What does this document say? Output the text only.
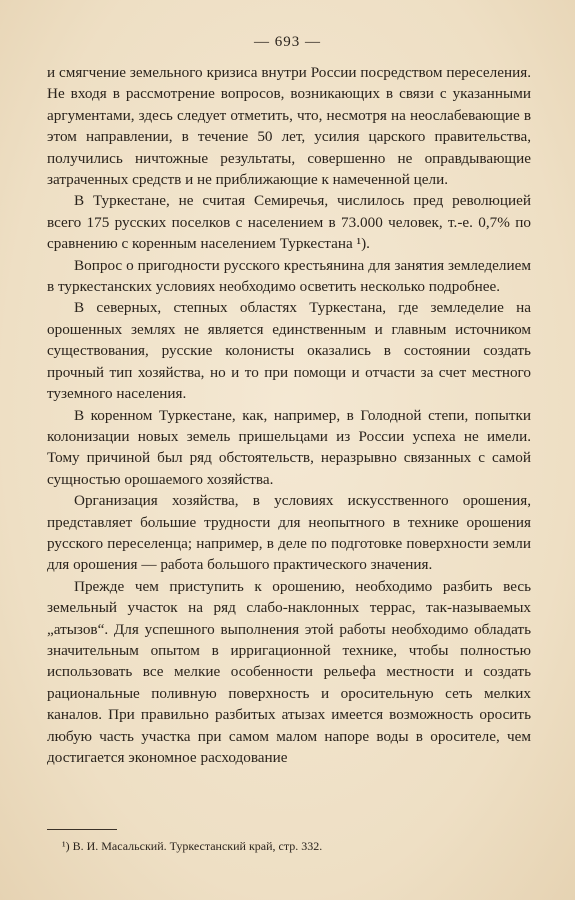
— 693 —

и смягчение земельного кризиса внутри России посредством переселения. Не входя в рассмотрение вопросов, возникающих в связи с указанными аргументами, здесь следует отметить, что, несмотря на неослабевающие в этом направлении, в течение 50 лет, усилия царского правительства, получились ничтожные результаты, совершенно не оправдывающие затраченных средств и не приближающие к намеченной цели.

В Туркестане, не считая Семиречья, числилось пред революцией всего 175 русских поселков с населением в 73.000 человек, т.-е. 0,7% по сравнению с коренным населением Туркестана ¹).

Вопрос о пригодности русского крестьянина для занятия земледелием в туркестанских условиях необходимо осветить несколько подробнее.

В северных, степных областях Туркестана, где земледелие на орошенных землях не является единственным и главным источником существования, русские колонисты оказались в состоянии создать прочный тип хозяйства, но и то при помощи и отчасти за счет местного туземного населения.

В коренном Туркестане, как, например, в Голодной степи, попытки колонизации новых земель пришельцами из России успеха не имели. Тому причиной был ряд обстоятельств, неразрывно связанных с самой сущностью орошаемого хозяйства.

Организация хозяйства, в условиях искусственного орошения, представляет большие трудности для неопытного в технике орошения русского переселенца; например, в деле по подготовке поверхности земли для орошения — работа большого практического значения.

Прежде чем приступить к орошению, необходимо разбить весь земельный участок на ряд слабо-наклонных террас, так-называемых „атызов“. Для успешного выполнения этой работы необходимо обладать значительным опытом в ирригационной технике, чтобы полностью использовать все мелкие особенности рельефа местности и создать рациональные поливную поверхность и оросительную сеть мелких каналов. При правильно разбитых атызах имеется возможность оросить любую часть участка при самом малом напоре воды в оросителе, чем достигается экономное расходование

¹) В. И. Масальский. Туркестанский край, стр. 332.
